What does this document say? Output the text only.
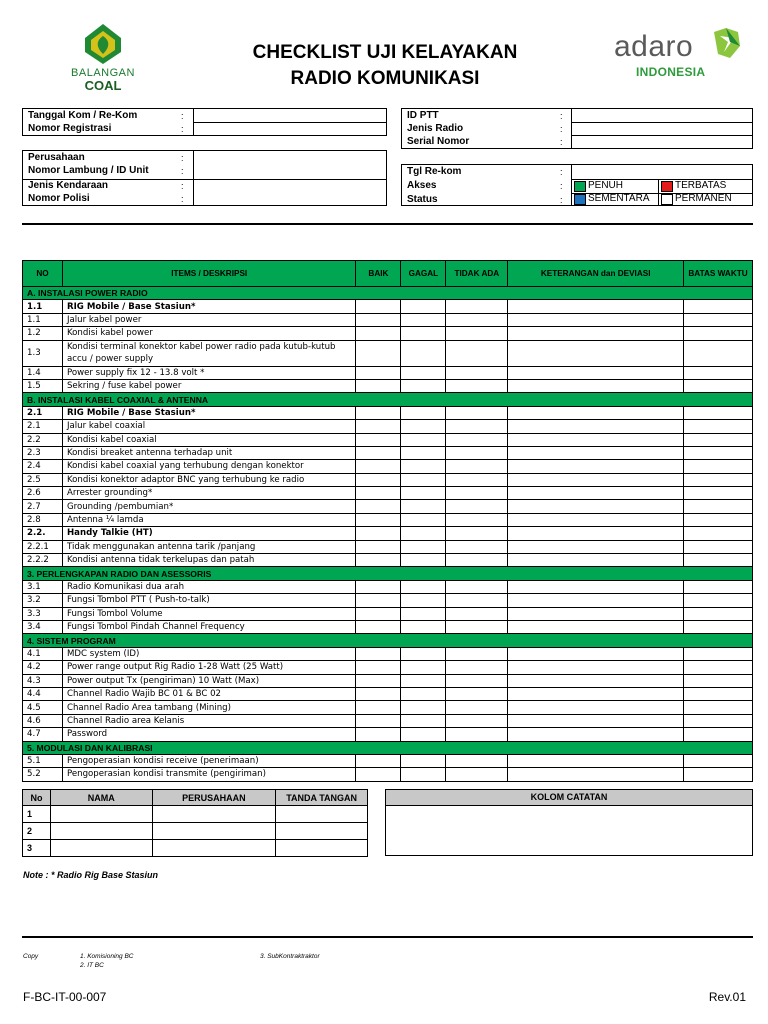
BALANGAN
COAL
CHECKLIST UJI KELAYAKAN
RADIO KOMUNIKASI
adaro
INDONESIA
Tanggal Kom / Re-Kom	:
Nomor Registrasi	:
Perusahaan	:
Nomor Lambung / ID Unit	:
Jenis Kendaraan	:
Nomor Polisi	:
ID PTT	:
Jenis Radio	:
Serial Nomor	:
Tgl Re-kom	:
Akses	:
Status	:
PENUH	TERBATAS
SEMENTARA	PERMANEN
NO	ITEMS / DESKRIPSI	BAIK	GAGAL	TIDAK ADA	KETERANGAN dan DEVIASI	BATAS WAKTU
A. INSTALASI POWER RADIO						
1.1	RIG Mobile / Base Stasiun*					
1.1	Jalur kabel power					
1.2	Kondisi kabel power					
1.3	Kondisi terminal konektor kabel power radio pada kutub-kutub accu / power supply					
1.4	Power supply fix 12 - 13.8 volt *					
1.5	Sekring / fuse kabel power					
B. INSTALASI KABEL COAXIAL & ANTENNA						
2.1	RIG Mobile / Base Stasiun*					
2.1	Jalur kabel coaxial					
2.2	Kondisi kabel coaxial					
2.3	Kondisi breaket antenna terhadap unit					
2.4	Kondisi kabel coaxial yang terhubung dengan konektor					
2.5	Kondisi konektor adaptor BNC yang terhubung ke radio					
2.6	Arrester grounding*					
2.7	Grounding /pembumian*					
2.8	Antenna ¼ lamda					
2.2.	Handy Talkie (HT)					
2.2.1	Tidak menggunakan antenna tarik /panjang					
2.2.2	Kondisi antenna tidak terkelupas dan patah					
3. PERLENGKAPAN RADIO DAN ASESSORIS						
3.1	Radio Komunikasi dua arah					
3.2	Fungsi Tombol PTT ( Push-to-talk)					
3.3	Fungsi Tombol Volume					
3.4	Fungsi Tombol Pindah Channel Frequency					
4. SISTEM PROGRAM						
4.1	MDC system (ID)					
4.2	Power range output Rig Radio 1-28 Watt (25 Watt)					
4.3	Power output Tx (pengiriman) 10 Watt (Max)					
4.4	Channel Radio Wajib BC 01 & BC 02					
4.5	Channel Radio Area tambang (Mining)					
4.6	Channel Radio area Kelanis					
4.7	Password					
5. MODULASI DAN KALIBRASI						
5.1	Pengoperasian kondisi receive (penerimaan)					
5.2	Pengoperasian kondisi transmite (pengiriman)					
No	NAMA	PERUSAHAAN	TANDA TANGAN
1			
2			
3			
KOLOM CATATAN
Note : * Radio Rig Base Stasiun
Copy	1. Komisioning BC
2. IT BC
3. SubKontraktraktor
F-BC-IT-00-007	Rev.01
